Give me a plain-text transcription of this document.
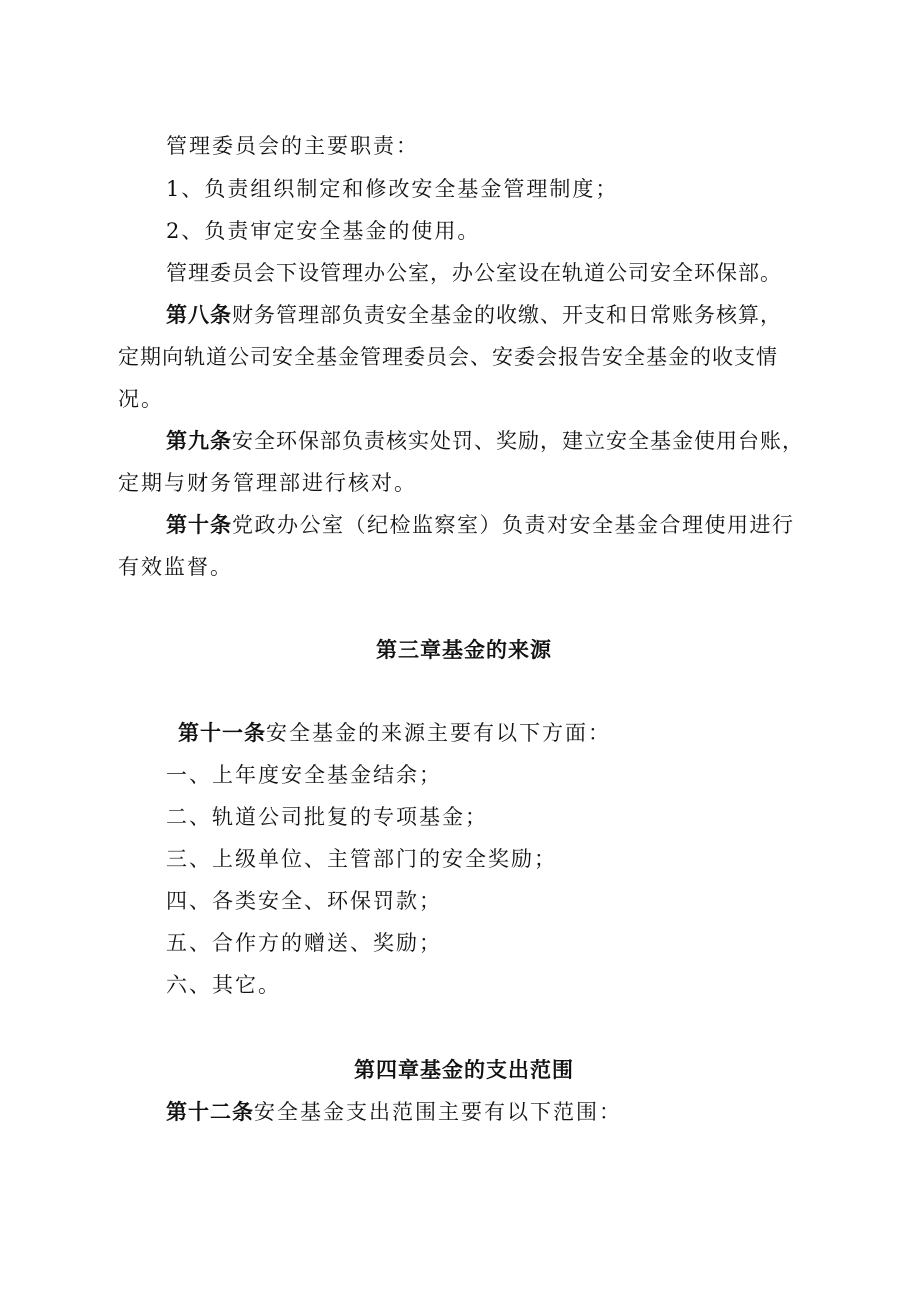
管理委员会的主要职责：
1、负责组织制定和修改安全基金管理制度；
2、负责审定安全基金的使用。
管理委员会下设管理办公室，办公室设在轨道公司安全环保部。
第八条财务管理部负责安全基金的收缴、开支和日常账务核算，
定期向轨道公司安全基金管理委员会、安委会报告安全基金的收支情
况。
第九条安全环保部负责核实处罚、奖励，建立安全基金使用台账，
定期与财务管理部进行核对。
第十条党政办公室（纪检监察室）负责对安全基金合理使用进行
有效监督。
第三章基金的来源
第十一条安全基金的来源主要有以下方面：
一、上年度安全基金结余；
二、轨道公司批复的专项基金；
三、上级单位、主管部门的安全奖励；
四、各类安全、环保罚款；
五、合作方的赠送、奖励；
六、其它。
第四章基金的支出范围
第十二条安全基金支出范围主要有以下范围：
